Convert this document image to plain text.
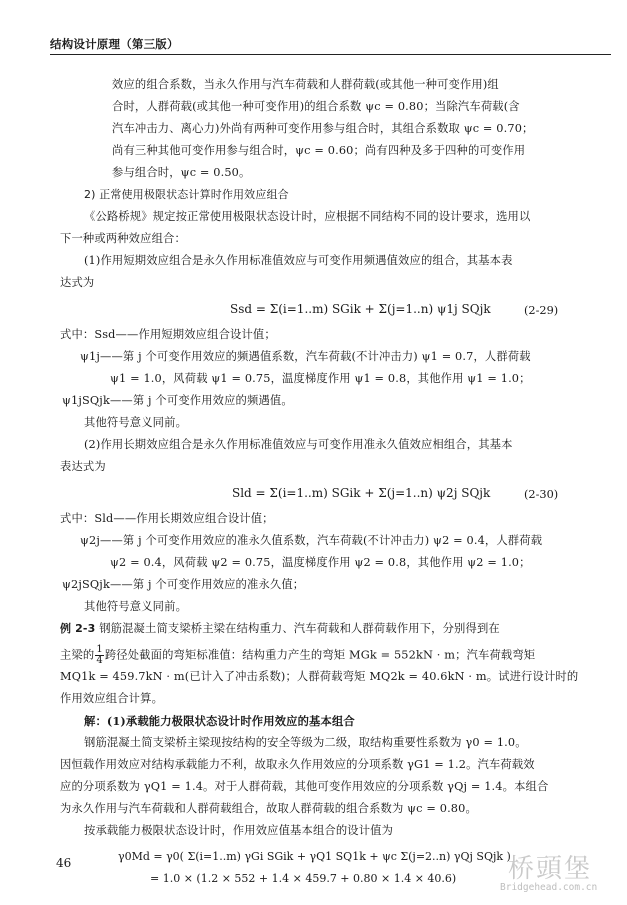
结构设计原理（第三版）
效应的组合系数，当永久作用与汽车荷载和人群荷载(或其他一种可变作用)组
合时，人群荷载(或其他一种可变作用)的组合系数 ψc = 0.80；当除汽车荷载(含
汽车冲击力、离心力)外尚有两种可变作用参与组合时，其组合系数取 ψc = 0.70；
尚有三种其他可变作用参与组合时，ψc = 0.60；尚有四种及多于四种的可变作用
参与组合时，ψc = 0.50。
2) 正常使用极限状态计算时作用效应组合
《公路桥规》规定按正常使用极限状态设计时，应根据不同结构不同的设计要求，选用以
下一种或两种效应组合：
(1)作用短期效应组合是永久作用标准值效应与可变作用频遇值效应的组合，其基本表
达式为
Ssd = Σ(i=1..m) SGik + Σ(j=1..n) ψ1j SQjk	(2-29)
式中：Ssd——作用短期效应组合设计值；
ψ1j——第 j 个可变作用效应的频遇值系数，汽车荷载(不计冲击力) ψ1 = 0.7，人群荷载
ψ1 = 1.0，风荷载 ψ1 = 0.75，温度梯度作用 ψ1 = 0.8，其他作用 ψ1 = 1.0；
ψ1jSQjk——第 j 个可变作用效应的频遇值。
其他符号意义同前。
(2)作用长期效应组合是永久作用标准值效应与可变作用准永久值效应相组合，其基本
表达式为
Sld = Σ(i=1..m) SGik + Σ(j=1..n) ψ2j SQjk	(2-30)
式中：Sld——作用长期效应组合设计值；
ψ2j——第 j 个可变作用效应的准永久值系数，汽车荷载(不计冲击力) ψ2 = 0.4，人群荷载
ψ2 = 0.4，风荷载 ψ2 = 0.75，温度梯度作用 ψ2 = 0.8，其他作用 ψ2 = 1.0；
ψ2jSQjk——第 j 个可变作用效应的准永久值；
其他符号意义同前。
例 2-3 钢筋混凝土简支梁桥主梁在结构重力、汽车荷载和人群荷载作用下，分别得到在
主梁的 $\frac{1}{4}$ 跨径处截面的弯矩标准值：结构重力产生的弯矩 MGk = 552kN · m；汽车荷载弯矩
MQ1k = 459.7kN · m(已计入了冲击系数)；人群荷载弯矩 MQ2k = 40.6kN · m。试进行设计时的
作用效应组合计算。
解：(1)承载能力极限状态设计时作用效应的基本组合
钢筋混凝土简支梁桥主梁现按结构的安全等级为二级，取结构重要性系数为 γ0 = 1.0。
因恒载作用效应对结构承载能力不利，故取永久作用效应的分项系数 γG1 = 1.2。汽车荷载效
应的分项系数为 γQ1 = 1.4。对于人群荷载，其他可变作用效应的分项系数 γQj = 1.4。本组合
为永久作用与汽车荷载和人群荷载组合，故取人群荷载的组合系数为 ψc = 0.80。
按承载能力极限状态设计时，作用效应值基本组合的设计值为
γ0Md = γ0( Σ(i=1..m) γGi SGik + γQ1 SQ1k + ψc Σ(j=2..n) γQj SQjk )
= 1.0 × (1.2 × 552 + 1.4 × 459.7 + 0.80 × 1.4 × 40.6)
46	桥頭堡
Bridgehead.com.cn
